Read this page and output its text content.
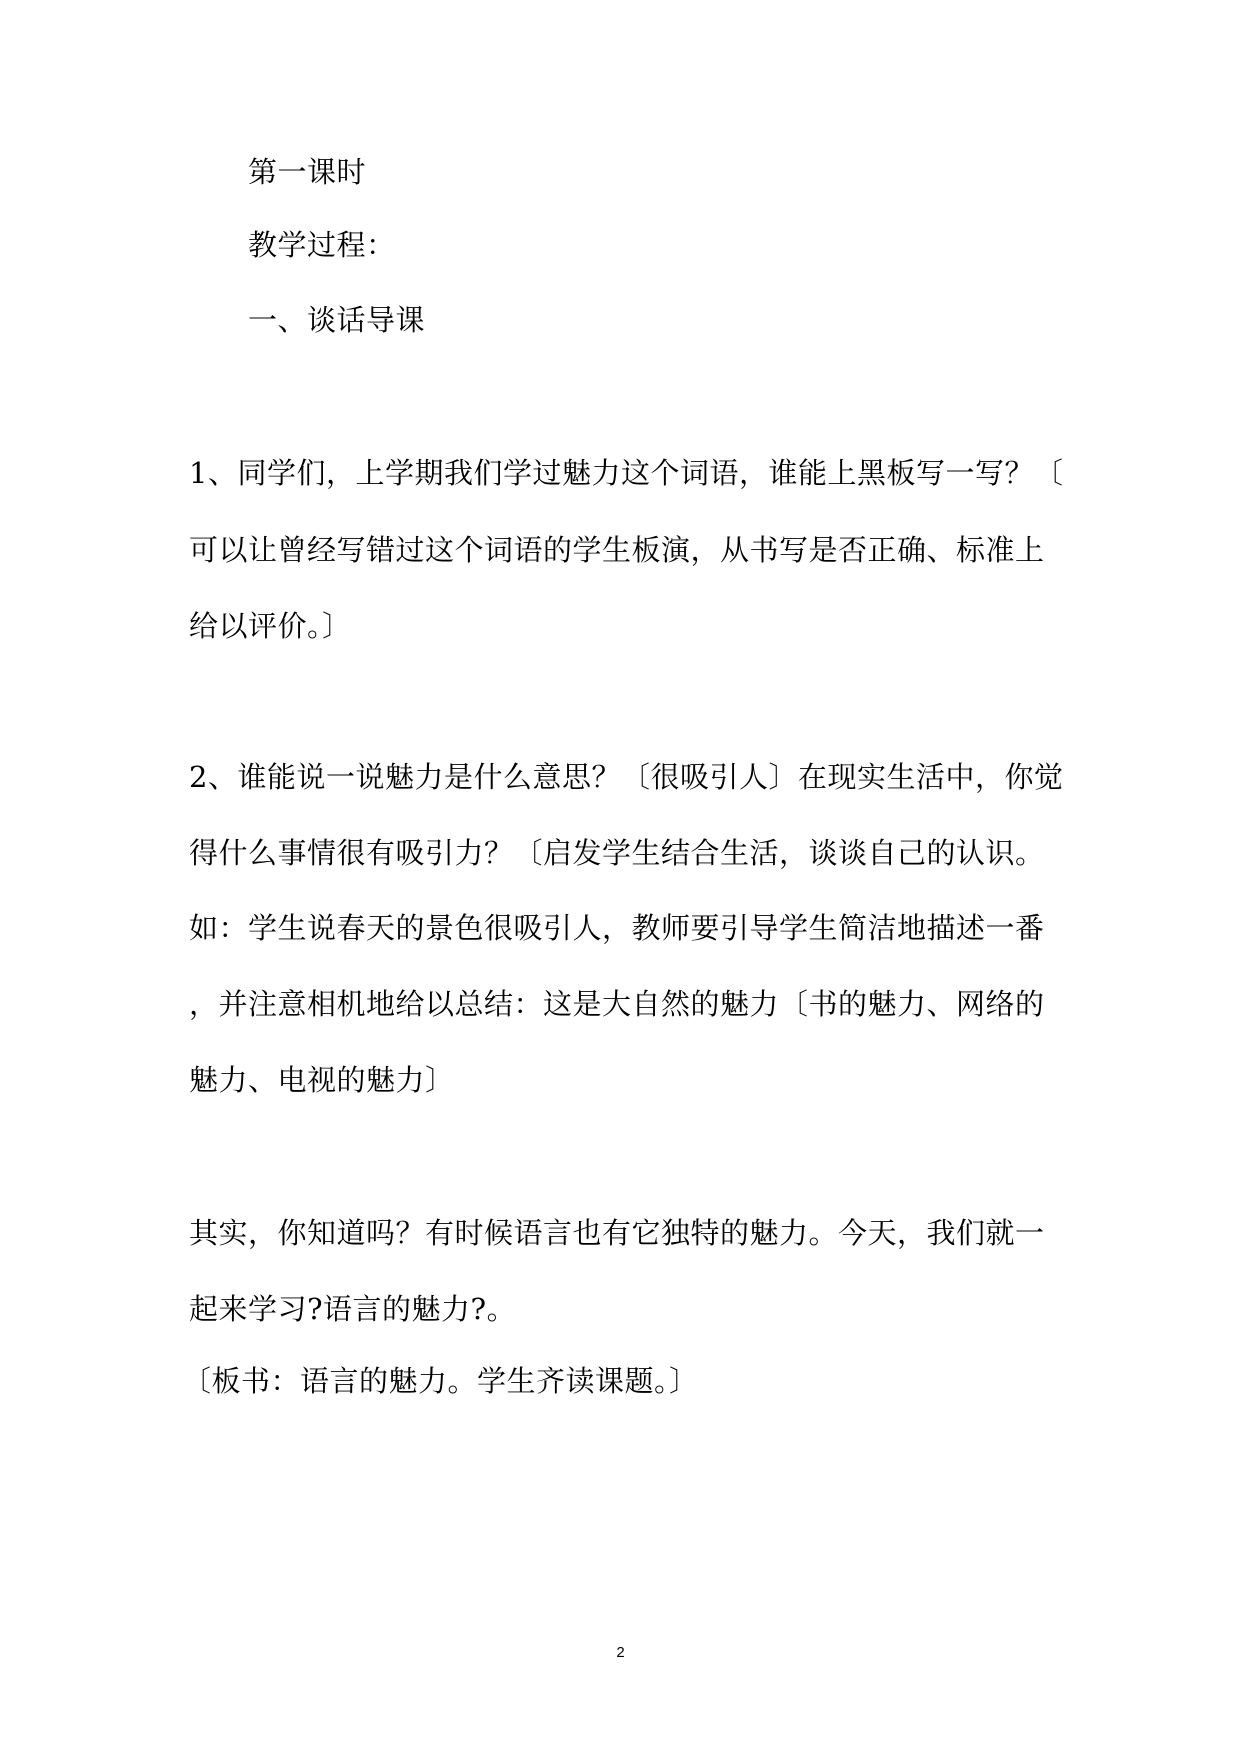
第一课时
教学过程：
一、谈话导课
1、同学们，上学期我们学过魅力这个词语，谁能上黑板写一写？〔
可以让曾经写错过这个词语的学生板演，从书写是否正确、标准上
给以评价。〕
2、谁能说一说魅力是什么意思？〔很吸引人〕在现实生活中，你觉
得什么事情很有吸引力？〔启发学生结合生活，谈谈自己的认识。
如：学生说春天的景色很吸引人，教师要引导学生简洁地描述一番
，并注意相机地给以总结：这是大自然的魅力〔书的魅力、网络的
魅力、电视的魅力〕
其实，你知道吗？有时候语言也有它独特的魅力。今天，我们就一
起来学习?语言的魅力?。
〔板书：语言的魅力。学生齐读课题。〕
2
